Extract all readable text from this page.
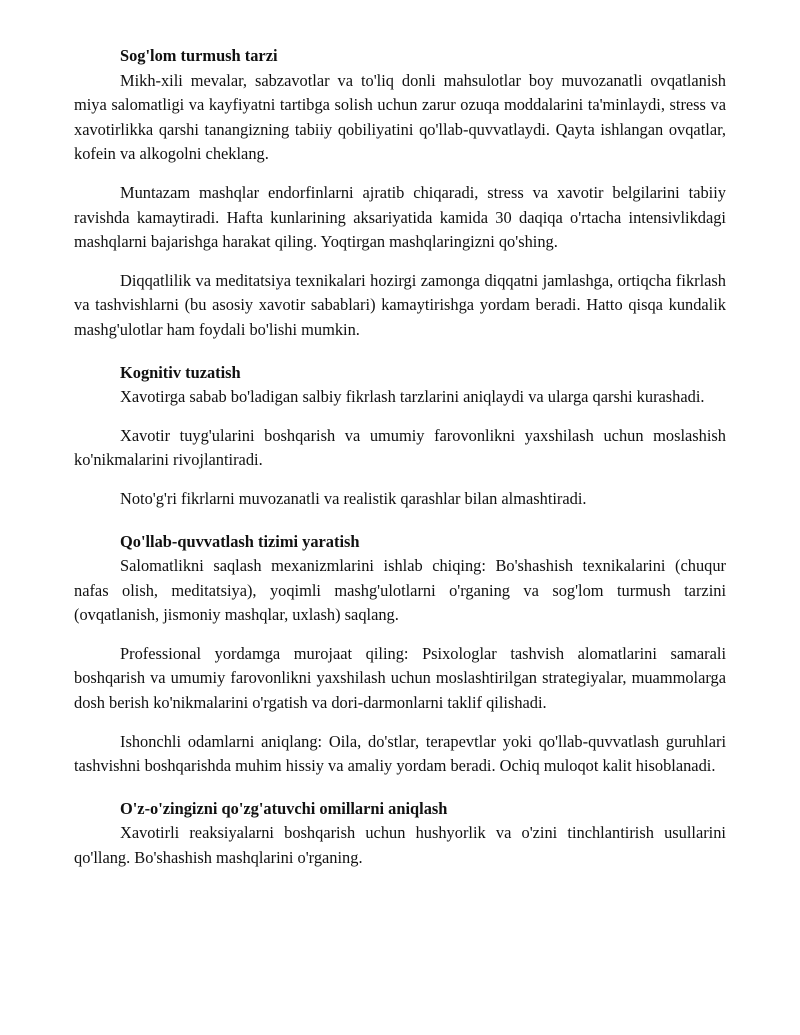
Sog'lom turmush tarzi

Mikh-xili mevalar, sabzavotlar va to'liq donli mahsulotlar boy muvozanatli ovqatlanish miya salomatligi va kayfiyatni tartibga solish uchun zarur ozuqa moddalarini ta'minlaydi, stress va xavotirlikka qarshi tanangizning tabiiy qobiliyatini qo'llab-quvvatlaydi. Qayta ishlangan ovqatlar, kofein va alkogolni cheklang.

Muntazam mashqlar endorfinlarni ajratib chiqaradi, stress va xavotir belgilarini tabiiy ravishda kamaytiradi. Hafta kunlarining aksariyatida kamida 30 daqiqa o'rtacha intensivlikdagi mashqlarni bajarishga harakat qiling. Yoqtirgan mashqlaringizni qo'shing.

Diqqatlilik va meditatsiya texnikalari hozirgi zamonga diqqatni jamlashga, ortiqcha fikrlash va tashvishlarni (bu asosiy xavotir sabablari) kamaytirishga yordam beradi. Hatto qisqa kundalik mashg'ulotlar ham foydali bo'lishi mumkin.

Kognitiv tuzatish

Xavotirga sabab bo'ladigan salbiy fikrlash tarzlarini aniqlaydi va ularga qarshi kurashadi.

Xavotir tuyg'ularini boshqarish va umumiy farovonlikni yaxshilash uchun moslashish ko'nikmalarini rivojlantiradi.

Noto'g'ri fikrlarni muvozanatli va realistik qarashlar bilan almashtiradi.

Qo'llab-quvvatlash tizimi yaratish

Salomatlikni saqlash mexanizmlarini ishlab chiqing: Bo'shashish texnikalarini (chuqur nafas olish, meditatsiya), yoqimli mashg'ulotlarni o'rganing va sog'lom turmush tarzini (ovqatlanish, jismoniy mashqlar, uxlash) saqlang.

Professional yordamga murojaat qiling: Psixologlar tashvish alomatlarini samarali boshqarish va umumiy farovonlikni yaxshilash uchun moslashtirilgan strategiyalar, muammolarga dosh berish ko'nikmalarini o'rgatish va dori-darmonlarni taklif qilishadi.

Ishonchli odamlarni aniqlang: Oila, do'stlar, terapevtlar yoki qo'llab-quvvatlash guruhlari tashvishni boshqarishda muhim hissiy va amaliy yordam beradi. Ochiq muloqot kalit hisoblanadi.

O'z-o'zingizni qo'zg'atuvchi omillarni aniqlash

Xavotirli reaksiyalarni boshqarish uchun hushyorlik va o'zini tinchlantirish usullarini qo'llang. Bo'shashish mashqlarini o'rganing.
